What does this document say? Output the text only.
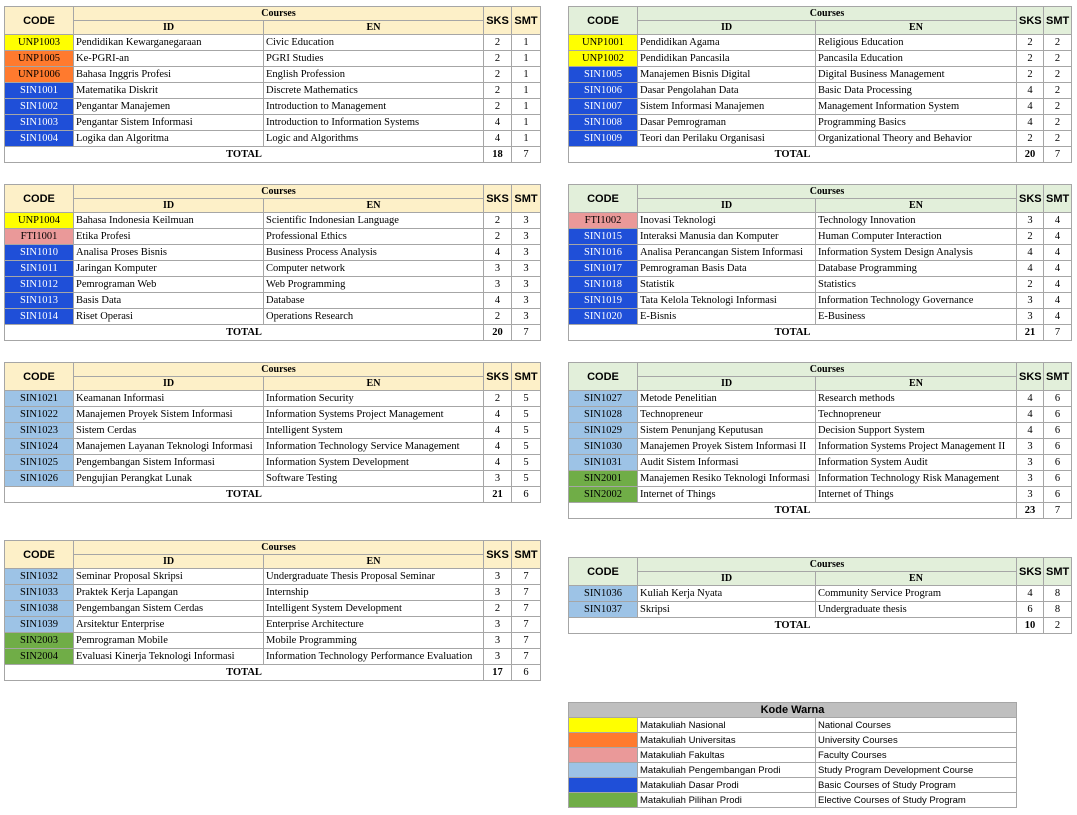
CODE	Courses		SKS	SMT
	ID	EN		
UNP1003	Pendidikan Kewarganegaraan	Civic Education	2	1
UNP1005	Ke-PGRI-an	PGRI Studies	2	1
UNP1006	Bahasa Inggris Profesi	English Profession	2	1
SIN1001	Matematika Diskrit	Discrete Mathematics	2	1
SIN1002	Pengantar Manajemen	Introduction to Management	2	1
SIN1003	Pengantar Sistem Informasi	Introduction to Information Systems	4	1
SIN1004	Logika dan Algoritma	Logic and Algorithms	4	1
TOTAL			18	7
CODE	Courses		SKS	SMT
	ID	EN		
UNP1001	Pendidikan Agama	Religious Education	2	2
UNP1002	Pendidikan Pancasila	Pancasila Education	2	2
SIN1005	Manajemen Bisnis Digital	Digital Business Management	2	2
SIN1006	Dasar Pengolahan Data	Basic Data Processing	4	2
SIN1007	Sistem Informasi Manajemen	Management Information System	4	2
SIN1008	Dasar Pemrograman	Programming Basics	4	2
SIN1009	Teori dan Perilaku Organisasi	Organizational Theory and Behavior	2	2
TOTAL			20	7
CODE	Courses		SKS	SMT
	ID	EN		
UNP1004	Bahasa Indonesia Keilmuan	Scientific Indonesian Language	2	3
FTI1001	Etika Profesi	Professional Ethics	2	3
SIN1010	Analisa Proses Bisnis	Business Process Analysis	4	3
SIN1011	Jaringan Komputer	Computer network	3	3
SIN1012	Pemrograman Web	Web Programming	3	3
SIN1013	Basis Data	Database	4	3
SIN1014	Riset Operasi	Operations Research	2	3
TOTAL			20	7
CODE	Courses		SKS	SMT
	ID	EN		
FTI1002	Inovasi Teknologi	Technology Innovation	3	4
SIN1015	Interaksi Manusia dan Komputer	Human Computer Interaction	2	4
SIN1016	Analisa Perancangan Sistem Informasi	Information System Design Analysis	4	4
SIN1017	Pemrograman Basis Data	Database Programming	4	4
SIN1018	Statistik	Statistics	2	4
SIN1019	Tata Kelola Teknologi Informasi	Information Technology Governance	3	4
SIN1020	E-Bisnis	E-Business	3	4
TOTAL			21	7
CODE	Courses		SKS	SMT
	ID	EN		
SIN1021	Keamanan Informasi	Information Security	2	5
SIN1022	Manajemen Proyek Sistem Informasi	Information Systems Project Management	4	5
SIN1023	Sistem Cerdas	Intelligent System	4	5
SIN1024	Manajemen Layanan Teknologi Informasi	Information Technology Service Management	4	5
SIN1025	Pengembangan Sistem Informasi	Information System Development	4	5
SIN1026	Pengujian Perangkat Lunak	Software Testing	3	5
TOTAL			21	6
CODE	Courses		SKS	SMT
	ID	EN		
SIN1027	Metode Penelitian	Research methods	4	6
SIN1028	Technopreneur	Technopreneur	4	6
SIN1029	Sistem Penunjang Keputusan	Decision Support System	4	6
SIN1030	Manajemen Proyek Sistem Informasi II	Information Systems Project Management II	3	6
SIN1031	Audit Sistem Informasi	Information System Audit	3	6
SIN2001	Manajemen Resiko Teknologi Informasi	Information Technology Risk Management	3	6
SIN2002	Internet of Things	Internet of Things	3	6
TOTAL			23	7
CODE	Courses		SKS	SMT
	ID	EN		
SIN1032	Seminar Proposal Skripsi	Undergraduate Thesis Proposal Seminar	3	7
SIN1033	Praktek Kerja Lapangan	Internship	3	7
SIN1038	Pengembangan Sistem Cerdas	Intelligent System Development	2	7
SIN1039	Arsitektur Enterprise	Enterprise Architecture	3	7
SIN2003	Pemrograman Mobile	Mobile Programming	3	7
SIN2004	Evaluasi Kinerja Teknologi Informasi	Information Technology Performance Evaluation	3	7
TOTAL			17	6
CODE	Courses		SKS	SMT
	ID	EN		
SIN1036	Kuliah Kerja Nyata	Community Service Program	4	8
SIN1037	Skripsi	Undergraduate thesis	6	8
TOTAL			10	2
Kode Warna		
	Matakuliah Nasional	National Courses
	Matakuliah Universitas	University Courses
	Matakuliah Fakultas	Faculty Courses
	Matakuliah Pengembangan Prodi	Study Program Development Course
	Matakuliah Dasar Prodi	Basic Courses of Study Program
	Matakuliah Pilihan Prodi	Elective Courses of Study Program
